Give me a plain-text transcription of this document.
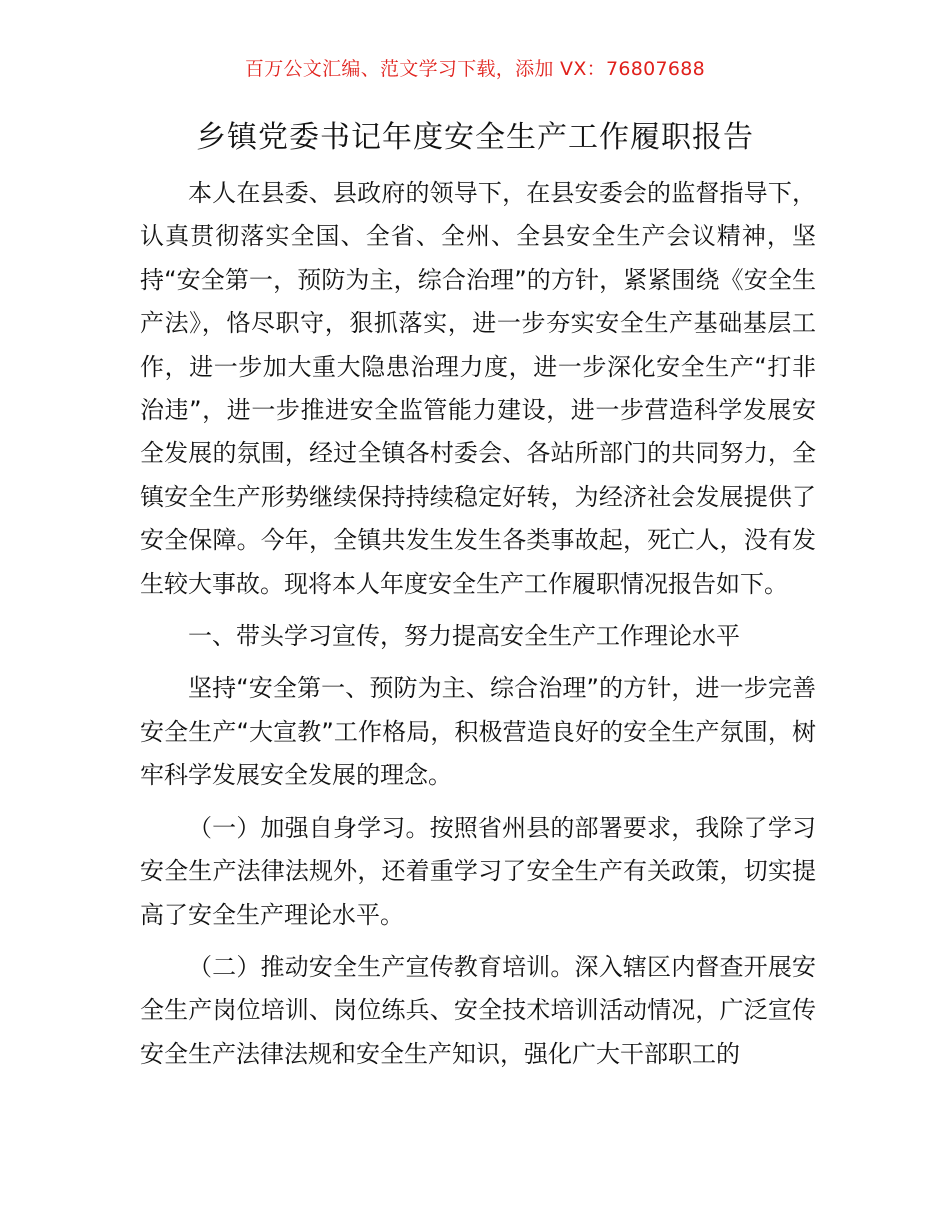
百万公文汇编、范文学习下载，添加 VX：76807688
乡镇党委书记年度安全生产工作履职报告

本人在县委、县政府的领导下，在县安委会的监督指导下，认真贯彻落实全国、全省、全州、全县安全生产会议精神，坚持“安全第一，预防为主，综合治理”的方针，紧紧围绕《安全生产法》，恪尽职守，狠抓落实，进一步夯实安全生产基础基层工作，进一步加大重大隐患治理力度，进一步深化安全生产“打非治违”，进一步推进安全监管能力建设，进一步营造科学发展安全发展的氛围，经过全镇各村委会、各站所部门的共同努力，全镇安全生产形势继续保持持续稳定好转，为经济社会发展提供了安全保障。今年，全镇共发生发生各类事故起，死亡人，没有发生较大事故。现将本人年度安全生产工作履职情况报告如下。

一、带头学习宣传，努力提高安全生产工作理论水平

坚持“安全第一、预防为主、综合治理”的方针，进一步完善安全生产“大宣教”工作格局，积极营造良好的安全生产氛围，树牢科学发展安全发展的理念。

（一）加强自身学习。按照省州县的部署要求，我除了学习安全生产法律法规外，还着重学习了安全生产有关政策，切实提高了安全生产理论水平。

（二）推动安全生产宣传教育培训。深入辖区内督查开展安全生产岗位培训、岗位练兵、安全技术培训活动情况，广泛宣传安全生产法律法规和安全生产知识，强化广大干部职工的
